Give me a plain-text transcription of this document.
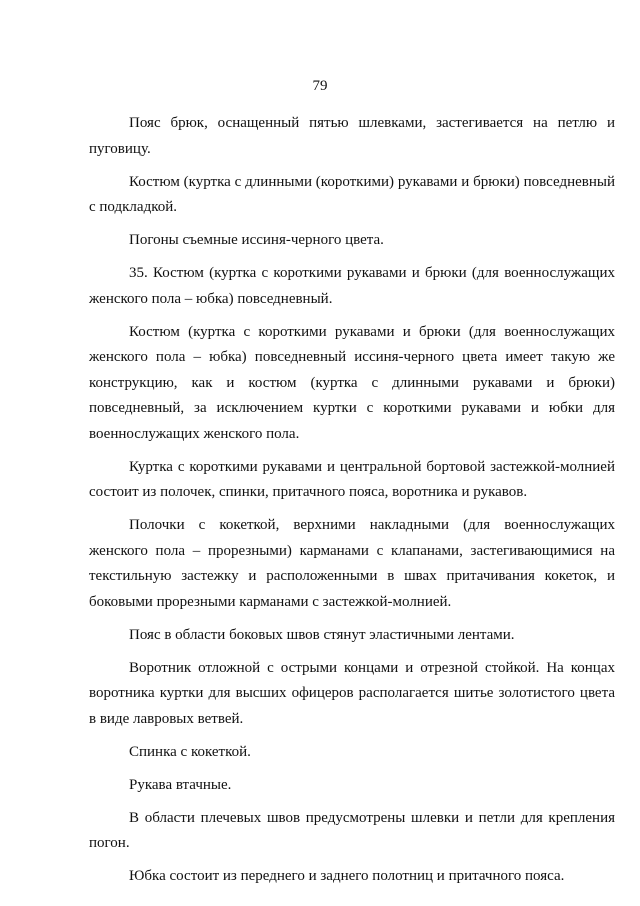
79

Пояс брюк, оснащенный пятью шлевками, застегивается на петлю и пуговицу.

Костюм (куртка с длинными (короткими) рукавами и брюки) повседневный с подкладкой.

Погоны съемные иссиня-черного цвета.

35. Костюм (куртка с короткими рукавами и брюки (для военнослужащих женского пола – юбка) повседневный.

Костюм (куртка с короткими рукавами и брюки (для военнослужащих женского пола – юбка) повседневный иссиня-черного цвета имеет такую же конструкцию, как и костюм (куртка с длинными рукавами и брюки) повседневный, за исключением куртки с короткими рукавами и юбки для военнослужащих женского пола.

Куртка с короткими рукавами и центральной бортовой застежкой-молнией состоит из полочек, спинки, притачного пояса, воротника и рукавов.

Полочки с кокеткой, верхними накладными (для военнослужащих женского пола – прорезными) карманами с клапанами, застегивающимися на текстильную застежку и расположенными в швах притачивания кокеток, и боковыми прорезными карманами с застежкой-молнией.

Пояс в области боковых швов стянут эластичными лентами.

Воротник отложной с острыми концами и отрезной стойкой. На концах воротника куртки для высших офицеров располагается шитье золотистого цвета в виде лавровых ветвей.

Спинка с кокеткой.

Рукава втачные.

В области плечевых швов предусмотрены шлевки и петли для крепления погон.

Юбка состоит из переднего и заднего полотниц и притачного пояса.
